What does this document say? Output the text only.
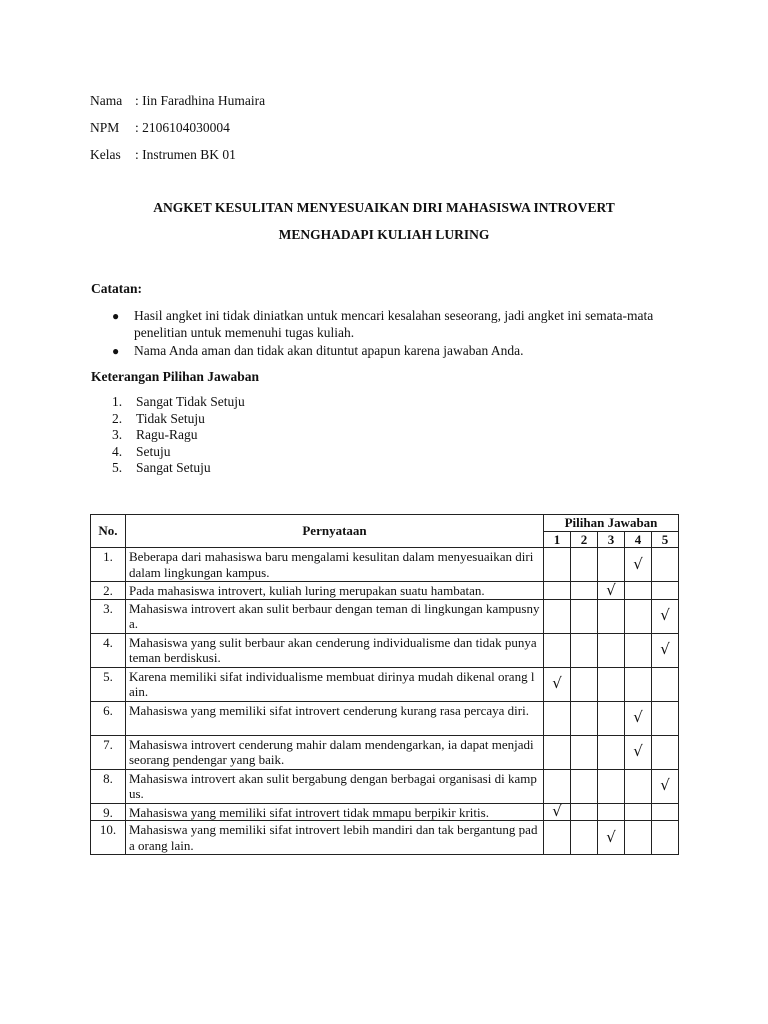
Nama : Iin Faradhina Humaira
NPM : 2106104030004
Kelas : Instrumen BK 01
ANGKET KESULITAN MENYESUAIKAN DIRI MAHASISWA INTROVERT
MENGHADAPI KULIAH LURING
Catatan:
● Hasil angket ini tidak diniatkan untuk mencari kesalahan seseorang, jadi angket ini semata-mata penelitian untuk memenuhi tugas kuliah.
● Nama Anda aman dan tidak akan dituntut apapun karena jawaban Anda.
Keterangan Pilihan Jawaban
1. Sangat Tidak Setuju
2. Tidak Setuju
3. Ragu-Ragu
4. Setuju
5. Sangat Setuju
No.	Pernyataan	Pilihan Jawaban				
		1	2	3	4	5
1.	Beberapa dari mahasiswa baru mengalami kesulitan dalam menyesuaikan diri dalam lingkungan kampus.				√	
2.	Pada mahasiswa introvert, kuliah luring merupakan suatu hambatan.			√		
3.	Mahasiswa introvert akan sulit berbaur dengan teman di lingkungan kampusnya.					√
4.	Mahasiswa yang sulit berbaur akan cenderung individualisme dan tidak punya teman berdiskusi.					√
5.	Karena memiliki sifat individualisme membuat dirinya mudah dikenal orang lain.	√				
6.	Mahasiswa yang memiliki sifat introvert cenderung kurang rasa percaya diri.				√	
7.	Mahasiswa introvert cenderung mahir dalam mendengarkan, ia dapat menjadi seorang pendengar yang baik.				√	
8.	Mahasiswa introvert akan sulit bergabung dengan berbagai organisasi di kampus.					√
9.	Mahasiswa yang memiliki sifat introvert tidak mmapu berpikir kritis.	√				
10.	Mahasiswa yang memiliki sifat introvert lebih mandiri dan tak bergantung pada orang lain.			√		
